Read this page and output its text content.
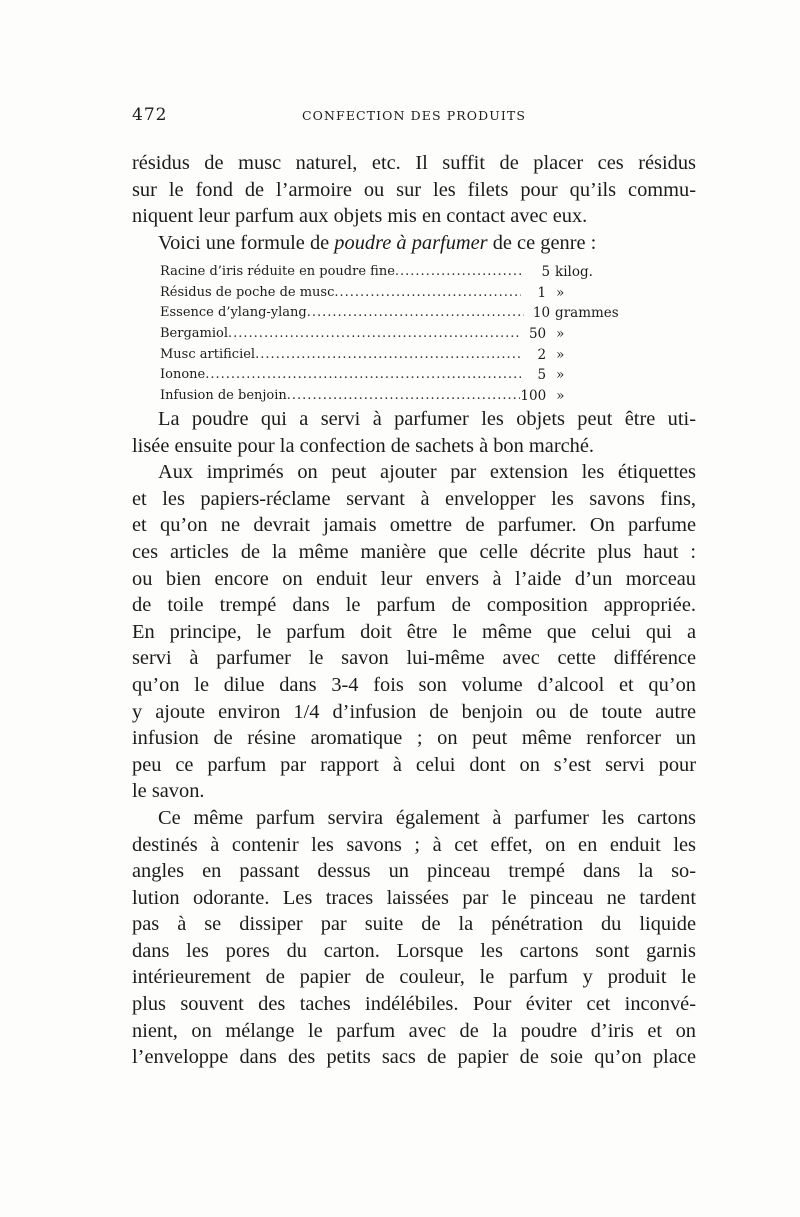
472	CONFECTION DES PRODUITS

résidus de musc naturel, etc. Il suffit de placer ces résidus
sur le fond de l’armoire ou sur les filets pour qu’ils commu-
niquent leur parfum aux objets mis en contact avec eux.

Voici une formule de poudre à parfumer de ce genre :

Racine d’iris réduite en poudre fine .....	5 kilog.
Résidus de poche de musc .....	1 »
Essence d’ylang-ylang .....	10 grammes
Bergamiol .....	50 »
Musc artificiel .....	2 »
Ionone .....	5 »
Infusion de benjoin .....	100 »

La poudre qui a servi à parfumer les objets peut être uti-
lisée ensuite pour la confection de sachets à bon marché.

Aux imprimés on peut ajouter par extension les étiquettes
et les papiers-réclame servant à envelopper les savons fins,
et qu’on ne devrait jamais omettre de parfumer. On parfume
ces articles de la même manière que celle décrite plus haut :
ou bien encore on enduit leur envers à l’aide d’un morceau
de toile trempé dans le parfum de composition appropriée.
En principe, le parfum doit être le même que celui qui a
servi à parfumer le savon lui-même avec cette différence
qu’on le dilue dans 3-4 fois son volume d’alcool et qu’on
y ajoute environ 1/4 d’infusion de benjoin ou de toute autre
infusion de résine aromatique ; on peut même renforcer un
peu ce parfum par rapport à celui dont on s’est servi pour
le savon.

Ce même parfum servira également à parfumer les cartons
destinés à contenir les savons ; à cet effet, on en enduit les
angles en passant dessus un pinceau trempé dans la so-
lution odorante. Les traces laissées par le pinceau ne tardent
pas à se dissiper par suite de la pénétration du liquide
dans les pores du carton. Lorsque les cartons sont garnis
intérieurement de papier de couleur, le parfum y produit le
plus souvent des taches indélébiles. Pour éviter cet inconvé-
nient, on mélange le parfum avec de la poudre d’iris et on
l’enveloppe dans des petits sacs de papier de soie qu’on place
